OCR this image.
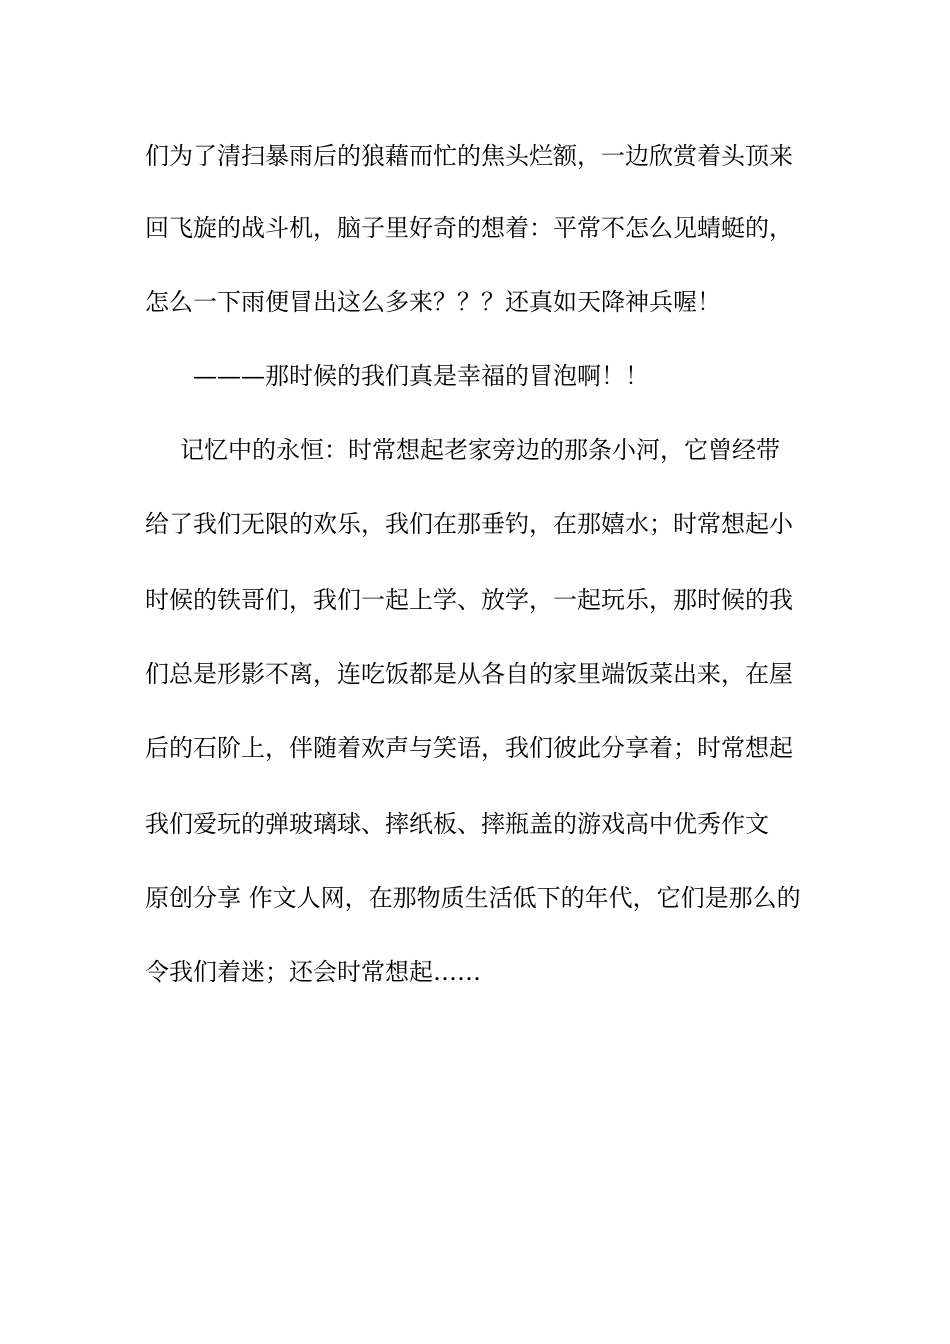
们为了清扫暴雨后的狼藉而忙的焦头烂额，一边欣赏着头顶来
回飞旋的战斗机，脑子里好奇的想着：平常不怎么见蜻蜓的，
怎么一下雨便冒出这么多来？？？还真如天降神兵喔！
———那时候的我们真是幸福的冒泡啊！！
记忆中的永恒：时常想起老家旁边的那条小河，它曾经带
给了我们无限的欢乐，我们在那垂钓，在那嬉水；时常想起小
时候的铁哥们，我们一起上学、放学，一起玩乐，那时候的我
们总是形影不离，连吃饭都是从各自的家里端饭菜出来，在屋
后的石阶上，伴随着欢声与笑语，我们彼此分享着；时常想起
我们爱玩的弹玻璃球、摔纸板、摔瓶盖的游戏高中优秀作文
原创分享 作文人网，在那物质生活低下的年代，它们是那么的
令我们着迷；还会时常想起……
